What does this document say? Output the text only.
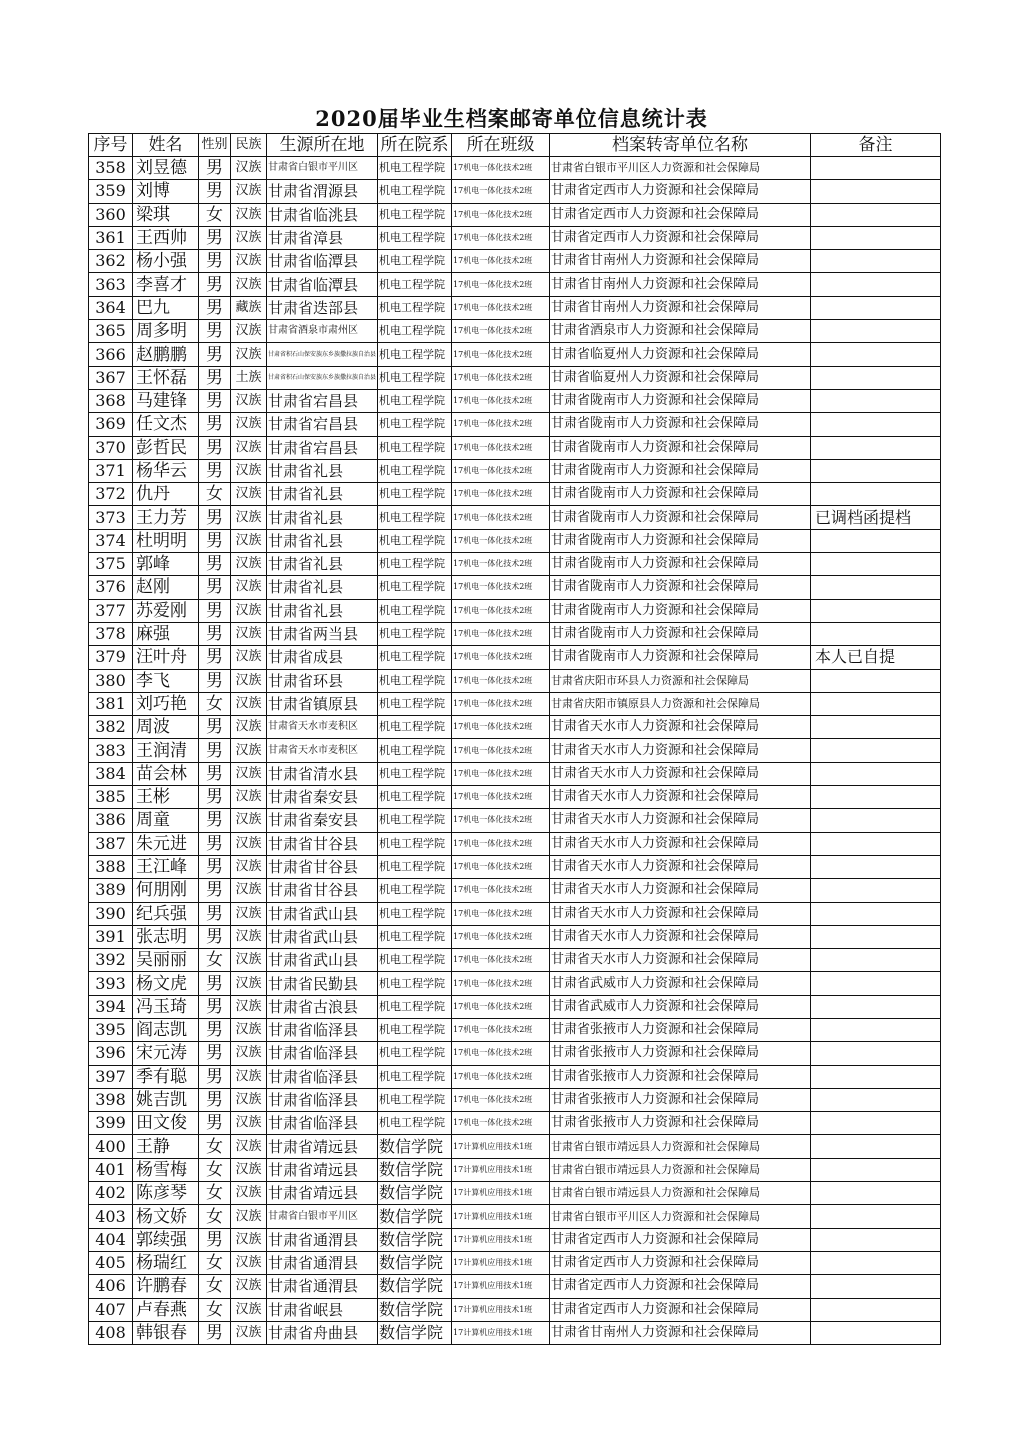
2020届毕业生档案邮寄单位信息统计表
序号	姓名	性别	民族	生源所在地	所在院系	所在班级	档案转寄单位名称	备注
358	刘昱德	男	汉族	甘肃省白银市平川区	机电工程学院	17机电一体化技术2班	甘肃省白银市平川区人力资源和社会保障局	
359	刘博	男	汉族	甘肃省渭源县	机电工程学院	17机电一体化技术2班	甘肃省定西市人力资源和社会保障局	
360	梁琪	女	汉族	甘肃省临洮县	机电工程学院	17机电一体化技术2班	甘肃省定西市人力资源和社会保障局	
361	王西帅	男	汉族	甘肃省漳县	机电工程学院	17机电一体化技术2班	甘肃省定西市人力资源和社会保障局	
362	杨小强	男	汉族	甘肃省临潭县	机电工程学院	17机电一体化技术2班	甘肃省甘南州人力资源和社会保障局	
363	李喜才	男	汉族	甘肃省临潭县	机电工程学院	17机电一体化技术2班	甘肃省甘南州人力资源和社会保障局	
364	巴九	男	藏族	甘肃省迭部县	机电工程学院	17机电一体化技术2班	甘肃省甘南州人力资源和社会保障局	
365	周多明	男	汉族	甘肃省酒泉市肃州区	机电工程学院	17机电一体化技术2班	甘肃省酒泉市人力资源和社会保障局	
366	赵鹏鹏	男	汉族	甘肃省积石山保安族东乡族撒拉族自治县	机电工程学院	17机电一体化技术2班	甘肃省临夏州人力资源和社会保障局	
367	王怀磊	男	土族	甘肃省积石山保安族东乡族撒拉族自治县	机电工程学院	17机电一体化技术2班	甘肃省临夏州人力资源和社会保障局	
368	马建锋	男	汉族	甘肃省宕昌县	机电工程学院	17机电一体化技术2班	甘肃省陇南市人力资源和社会保障局	
369	任文杰	男	汉族	甘肃省宕昌县	机电工程学院	17机电一体化技术2班	甘肃省陇南市人力资源和社会保障局	
370	彭哲民	男	汉族	甘肃省宕昌县	机电工程学院	17机电一体化技术2班	甘肃省陇南市人力资源和社会保障局	
371	杨华云	男	汉族	甘肃省礼县	机电工程学院	17机电一体化技术2班	甘肃省陇南市人力资源和社会保障局	
372	仇丹	女	汉族	甘肃省礼县	机电工程学院	17机电一体化技术2班	甘肃省陇南市人力资源和社会保障局	
373	王力芳	男	汉族	甘肃省礼县	机电工程学院	17机电一体化技术2班	甘肃省陇南市人力资源和社会保障局	已调档函提档
374	杜明明	男	汉族	甘肃省礼县	机电工程学院	17机电一体化技术2班	甘肃省陇南市人力资源和社会保障局	
375	郭峰	男	汉族	甘肃省礼县	机电工程学院	17机电一体化技术2班	甘肃省陇南市人力资源和社会保障局	
376	赵刚	男	汉族	甘肃省礼县	机电工程学院	17机电一体化技术2班	甘肃省陇南市人力资源和社会保障局	
377	苏爱刚	男	汉族	甘肃省礼县	机电工程学院	17机电一体化技术2班	甘肃省陇南市人力资源和社会保障局	
378	麻强	男	汉族	甘肃省两当县	机电工程学院	17机电一体化技术2班	甘肃省陇南市人力资源和社会保障局	
379	汪叶舟	男	汉族	甘肃省成县	机电工程学院	17机电一体化技术2班	甘肃省陇南市人力资源和社会保障局	本人已自提
380	李飞	男	汉族	甘肃省环县	机电工程学院	17机电一体化技术2班	甘肃省庆阳市环县人力资源和社会保障局	
381	刘巧艳	女	汉族	甘肃省镇原县	机电工程学院	17机电一体化技术2班	甘肃省庆阳市镇原县人力资源和社会保障局	
382	周波	男	汉族	甘肃省天水市麦积区	机电工程学院	17机电一体化技术2班	甘肃省天水市人力资源和社会保障局	
383	王润清	男	汉族	甘肃省天水市麦积区	机电工程学院	17机电一体化技术2班	甘肃省天水市人力资源和社会保障局	
384	苗会林	男	汉族	甘肃省清水县	机电工程学院	17机电一体化技术2班	甘肃省天水市人力资源和社会保障局	
385	王彬	男	汉族	甘肃省秦安县	机电工程学院	17机电一体化技术2班	甘肃省天水市人力资源和社会保障局	
386	周童	男	汉族	甘肃省秦安县	机电工程学院	17机电一体化技术2班	甘肃省天水市人力资源和社会保障局	
387	朱元进	男	汉族	甘肃省甘谷县	机电工程学院	17机电一体化技术2班	甘肃省天水市人力资源和社会保障局	
388	王江峰	男	汉族	甘肃省甘谷县	机电工程学院	17机电一体化技术2班	甘肃省天水市人力资源和社会保障局	
389	何朋刚	男	汉族	甘肃省甘谷县	机电工程学院	17机电一体化技术2班	甘肃省天水市人力资源和社会保障局	
390	纪兵强	男	汉族	甘肃省武山县	机电工程学院	17机电一体化技术2班	甘肃省天水市人力资源和社会保障局	
391	张志明	男	汉族	甘肃省武山县	机电工程学院	17机电一体化技术2班	甘肃省天水市人力资源和社会保障局	
392	吴丽丽	女	汉族	甘肃省武山县	机电工程学院	17机电一体化技术2班	甘肃省天水市人力资源和社会保障局	
393	杨文虎	男	汉族	甘肃省民勤县	机电工程学院	17机电一体化技术2班	甘肃省武威市人力资源和社会保障局	
394	冯玉琦	男	汉族	甘肃省古浪县	机电工程学院	17机电一体化技术2班	甘肃省武威市人力资源和社会保障局	
395	阎志凯	男	汉族	甘肃省临泽县	机电工程学院	17机电一体化技术2班	甘肃省张掖市人力资源和社会保障局	
396	宋元涛	男	汉族	甘肃省临泽县	机电工程学院	17机电一体化技术2班	甘肃省张掖市人力资源和社会保障局	
397	季有聪	男	汉族	甘肃省临泽县	机电工程学院	17机电一体化技术2班	甘肃省张掖市人力资源和社会保障局	
398	姚吉凯	男	汉族	甘肃省临泽县	机电工程学院	17机电一体化技术2班	甘肃省张掖市人力资源和社会保障局	
399	田文俊	男	汉族	甘肃省临泽县	机电工程学院	17机电一体化技术2班	甘肃省张掖市人力资源和社会保障局	
400	王静	女	汉族	甘肃省靖远县	数信学院	17计算机应用技术1班	甘肃省白银市靖远县人力资源和社会保障局	
401	杨雪梅	女	汉族	甘肃省靖远县	数信学院	17计算机应用技术1班	甘肃省白银市靖远县人力资源和社会保障局	
402	陈彦琴	女	汉族	甘肃省靖远县	数信学院	17计算机应用技术1班	甘肃省白银市靖远县人力资源和社会保障局	
403	杨文娇	女	汉族	甘肃省白银市平川区	数信学院	17计算机应用技术1班	甘肃省白银市平川区人力资源和社会保障局	
404	郭续强	男	汉族	甘肃省通渭县	数信学院	17计算机应用技术1班	甘肃省定西市人力资源和社会保障局	
405	杨瑞红	女	汉族	甘肃省通渭县	数信学院	17计算机应用技术1班	甘肃省定西市人力资源和社会保障局	
406	许鹏春	女	汉族	甘肃省通渭县	数信学院	17计算机应用技术1班	甘肃省定西市人力资源和社会保障局	
407	卢春燕	女	汉族	甘肃省岷县	数信学院	17计算机应用技术1班	甘肃省定西市人力资源和社会保障局	
408	韩银春	男	汉族	甘肃省舟曲县	数信学院	17计算机应用技术1班	甘肃省甘南州人力资源和社会保障局	
